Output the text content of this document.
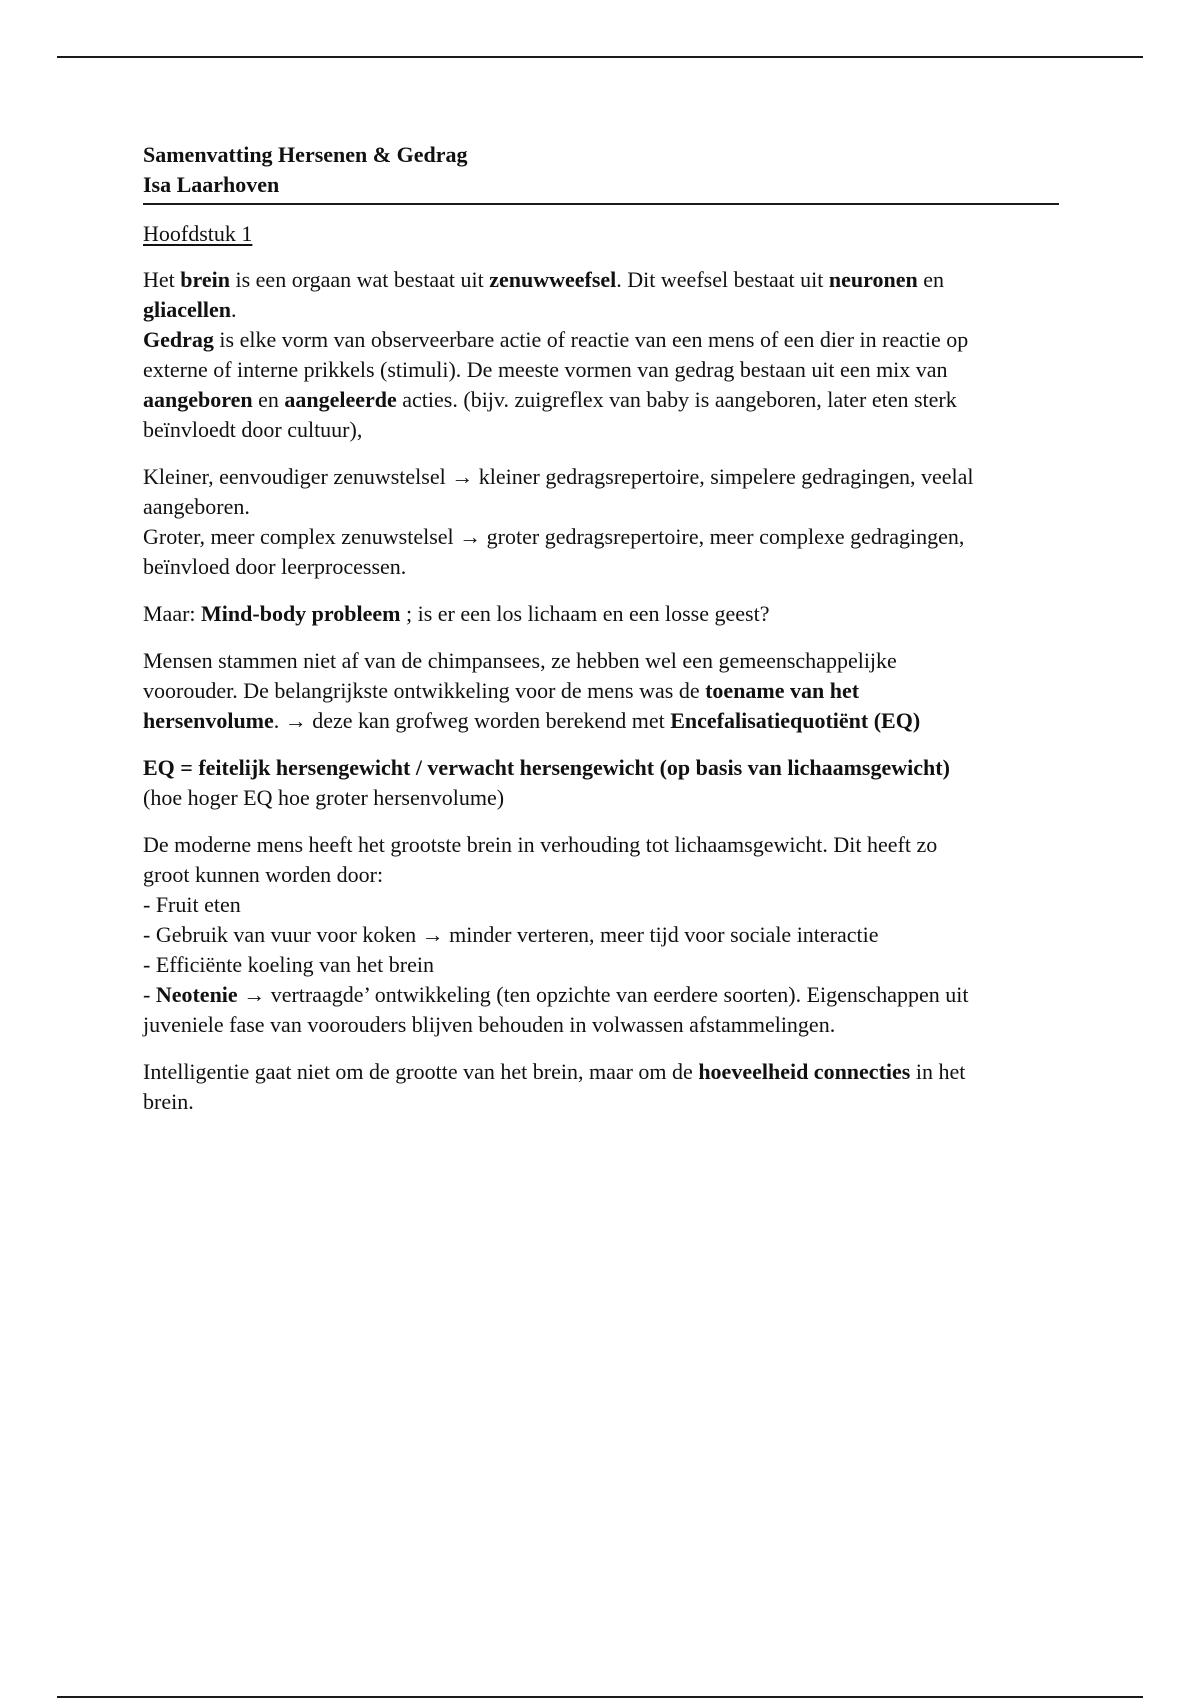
Samenvatting Hersenen & Gedrag
Isa Laarhoven
Hoofdstuk 1

Het brein is een orgaan wat bestaat uit zenuwweefsel. Dit weefsel bestaat uit neuronen en
gliacellen.
Gedrag is elke vorm van observeerbare actie of reactie van een mens of een dier in reactie op
externe of interne prikkels (stimuli). De meeste vormen van gedrag bestaan uit een mix van
aangeboren en aangeleerde acties. (bijv. zuigreflex van baby is aangeboren, later eten sterk
beïnvloedt door cultuur),

Kleiner, eenvoudiger zenuwstelsel → kleiner gedragsrepertoire, simpelere gedragingen, veelal
aangeboren.
Groter, meer complex zenuwstelsel → groter gedragsrepertoire, meer complexe gedragingen,
beïnvloed door leerprocessen.

Maar: Mind-body probleem ; is er een los lichaam en een losse geest?

Mensen stammen niet af van de chimpansees, ze hebben wel een gemeenschappelijke
voorouder. De belangrijkste ontwikkeling voor de mens was de toename van het
hersenvolume. → deze kan grofweg worden berekend met Encefalisatiequotiënt (EQ)

EQ = feitelijk hersengewicht / verwacht hersengewicht (op basis van lichaamsgewicht)
(hoe hoger EQ hoe groter hersenvolume)

De moderne mens heeft het grootste brein in verhouding tot lichaamsgewicht. Dit heeft zo
groot kunnen worden door:
- Fruit eten
- Gebruik van vuur voor koken → minder verteren, meer tijd voor sociale interactie
- Efficiënte koeling van het brein
- Neotenie → vertraagde’ ontwikkeling (ten opzichte van eerdere soorten). Eigenschappen uit
juveniele fase van voorouders blijven behouden in volwassen afstammelingen.

Intelligentie gaat niet om de grootte van het brein, maar om de hoeveelheid connecties in het
brein.
